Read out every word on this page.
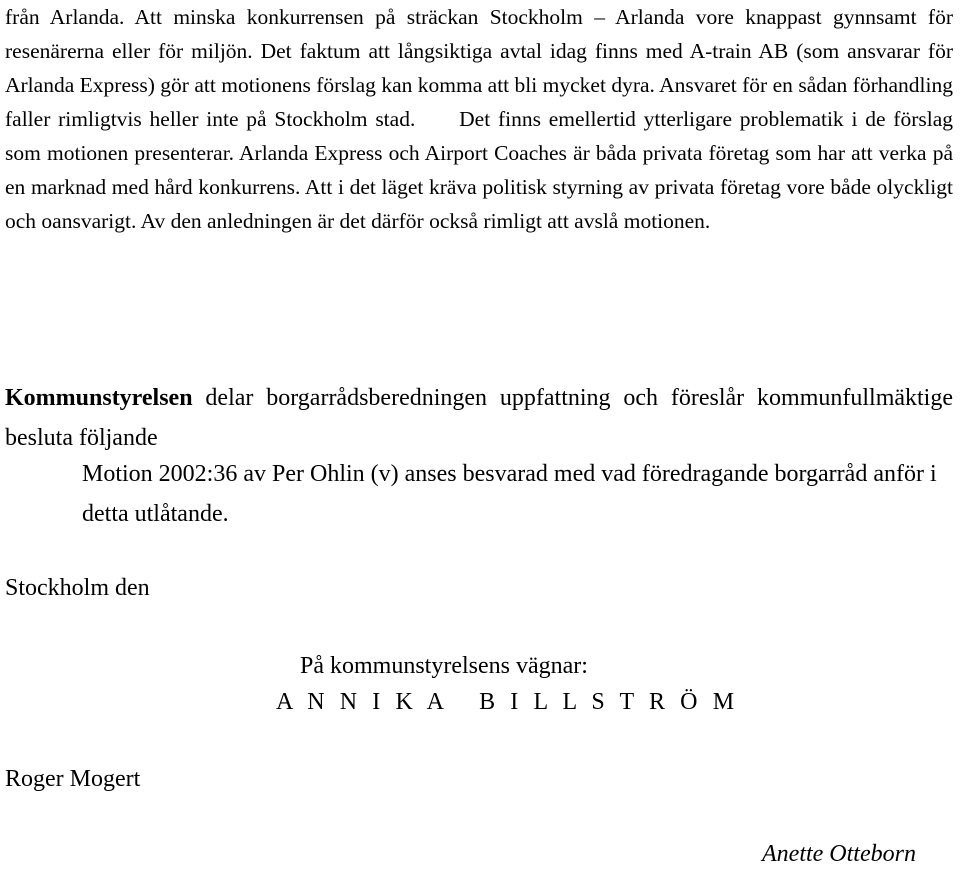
från Arlanda. Att minska konkurrensen på sträckan Stockholm – Arlanda vore knappast gynnsamt för resenärerna eller för miljön. Det faktum att långsiktiga avtal idag finns med A-train AB (som ansvarar för Arlanda Express) gör att motionens förslag kan komma att bli mycket dyra. Ansvaret för en sådan förhandling faller rimligtvis heller inte på Stockholm stad. Det finns emellertid ytterligare problematik i de förslag som motionen presenterar. Arlanda Express och Airport Coaches är båda privata företag som har att verka på en marknad med hård konkurrens. Att i det läget kräva politisk styrning av privata företag vore både olyckligt och oansvarigt. Av den anledningen är det därför också rimligt att avslå motionen.

Kommunstyrelsen delar borgarrådsberedningen uppfattning och föreslår kommunfullmäktige besluta följande

Motion 2002:36 av Per Ohlin (v) anses besvarad med vad föredragande borgarråd anför i detta utlåtande.

Stockholm den

På kommunstyrelsens vägnar:

A N N I K A   B I L L S T R Ö M

Roger Mogert

Anette Otteborn
